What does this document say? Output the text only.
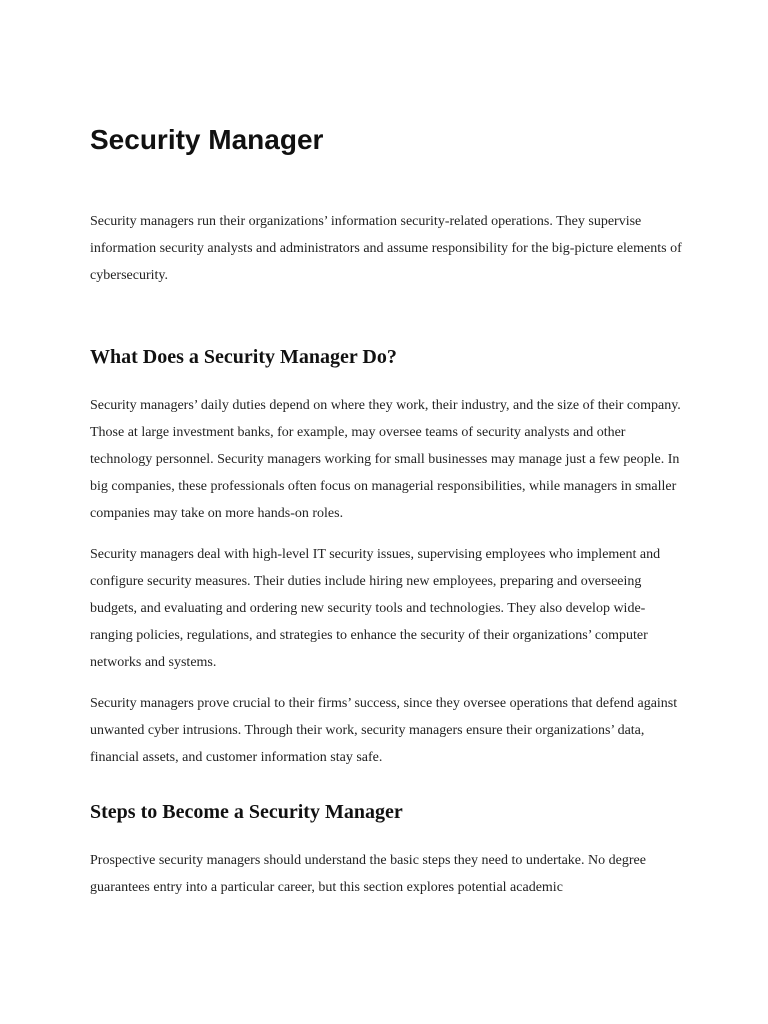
Security Manager

Security managers run their organizations’ information security-related operations. They supervise information security analysts and administrators and assume responsibility for the big-picture elements of cybersecurity.

What Does a Security Manager Do?

Security managers’ daily duties depend on where they work, their industry, and the size of their company. Those at large investment banks, for example, may oversee teams of security analysts and other technology personnel. Security managers working for small businesses may manage just a few people. In big companies, these professionals often focus on managerial responsibilities, while managers in smaller companies may take on more hands-on roles.

Security managers deal with high-level IT security issues, supervising employees who implement and configure security measures. Their duties include hiring new employees, preparing and overseeing budgets, and evaluating and ordering new security tools and technologies. They also develop wide-ranging policies, regulations, and strategies to enhance the security of their organizations’ computer networks and systems.

Security managers prove crucial to their firms’ success, since they oversee operations that defend against unwanted cyber intrusions. Through their work, security managers ensure their organizations’ data, financial assets, and customer information stay safe.

Steps to Become a Security Manager

Prospective security managers should understand the basic steps they need to undertake. No degree guarantees entry into a particular career, but this section explores potential academic
